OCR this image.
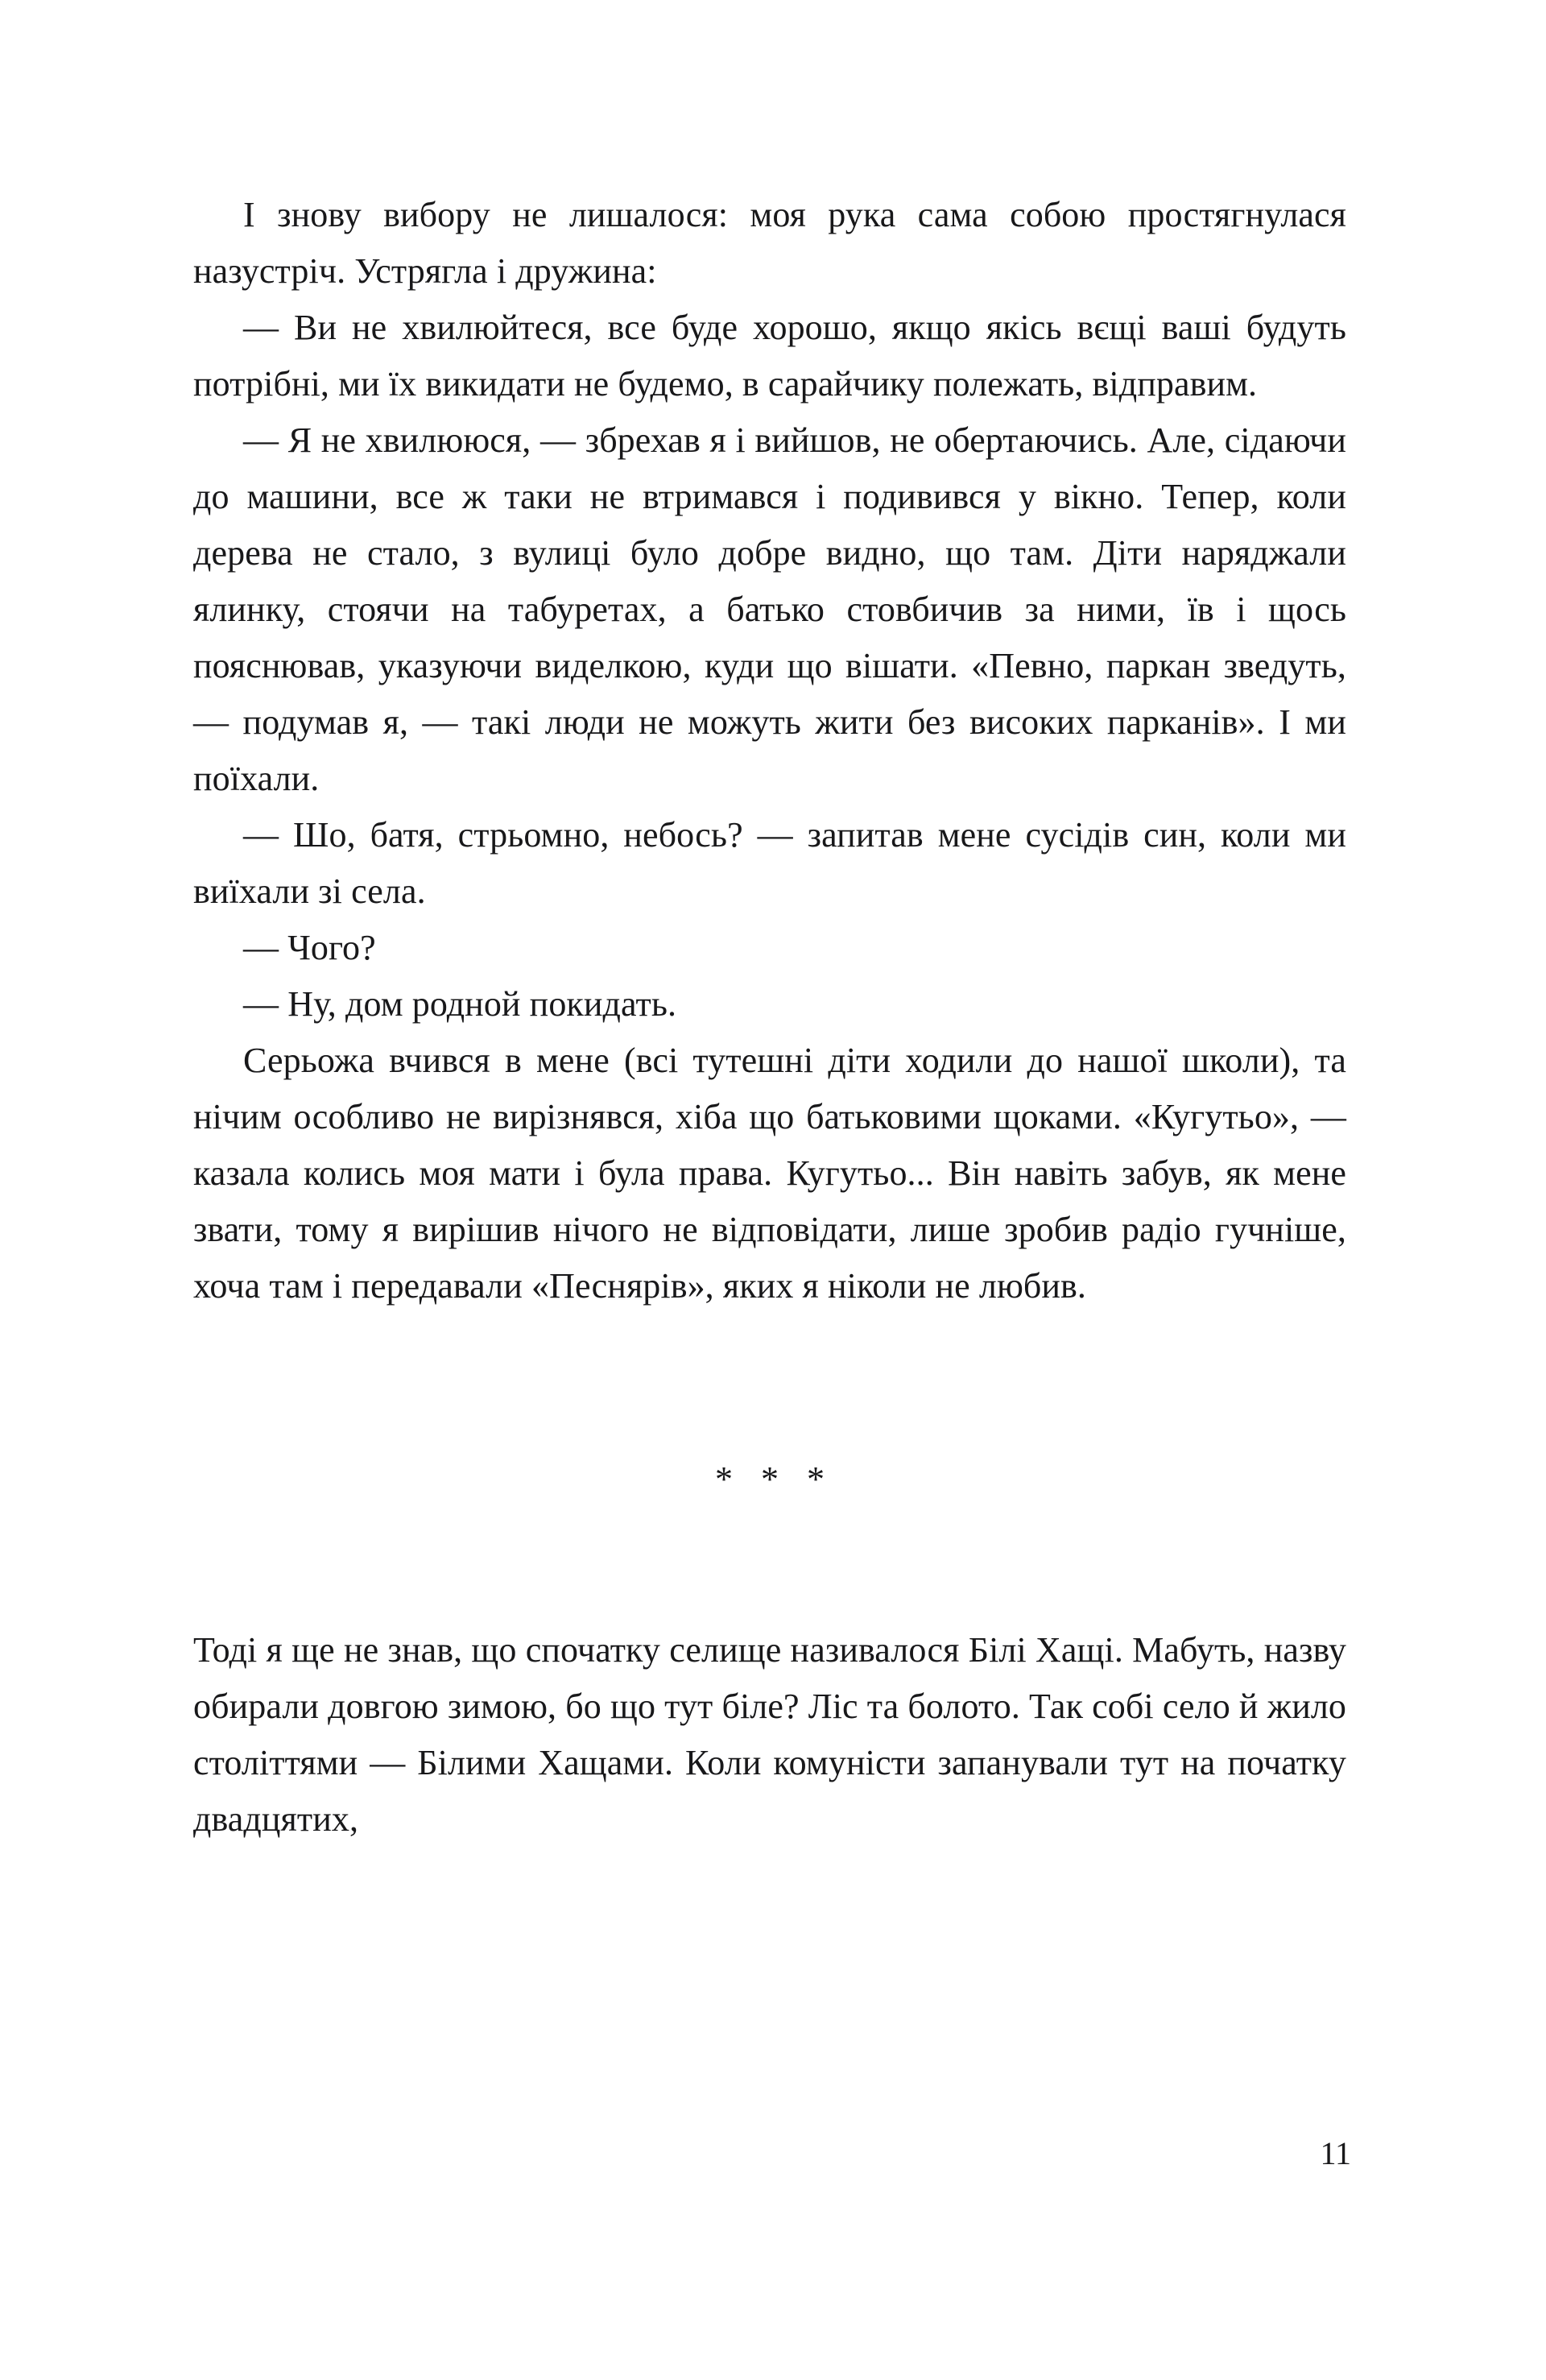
І знову вибору не лишалося: моя рука сама собою простягнулася назустріч. Устрягла і дружина:

— Ви не хвилюйтеся, все буде хорошо, якщо якісь вєщі ваші будуть потрібні, ми їх викидати не будемо, в сарайчику полежать, відправим.

— Я не хвилююся, — збрехав я і вийшов, не обертаючись. Але, сідаючи до машини, все ж таки не втримався і подивився у вікно. Тепер, коли дерева не стало, з вулиці було добре видно, що там. Діти наряджали ялинку, стоячи на табуретах, а батько стовбичив за ними, їв і щось пояснював, указуючи виделкою, куди що вішати. «Певно, паркан зведуть, — подумав я, — такі люди не можуть жити без високих парканів». І ми поїхали.

— Шо, батя, стрьомно, небось? — запитав мене сусідів син, коли ми виїхали зі села.

— Чого?

— Ну, дом родной покидать.

Серьожа вчився в мене (всі тутешні діти ходили до нашої школи), та нічим особливо не вирізнявся, хіба що батьковими щоками. «Кугутьо», — казала колись моя мати і була права. Кугутьо... Він навіть забув, як мене звати, тому я вирішив нічого не відповідати, лише зробив радіо гучніше, хоча там і передавали «Песнярів», яких я ніколи не любив.

* * *

Тоді я ще не знав, що спочатку селище називалося Білі Хащі. Мабуть, назву обирали довгою зимою, бо що тут біле? Ліс та болото. Так собі село й жило століттями — Білими Хащами. Коли комуністи запанували тут на початку двадцятих,

11
